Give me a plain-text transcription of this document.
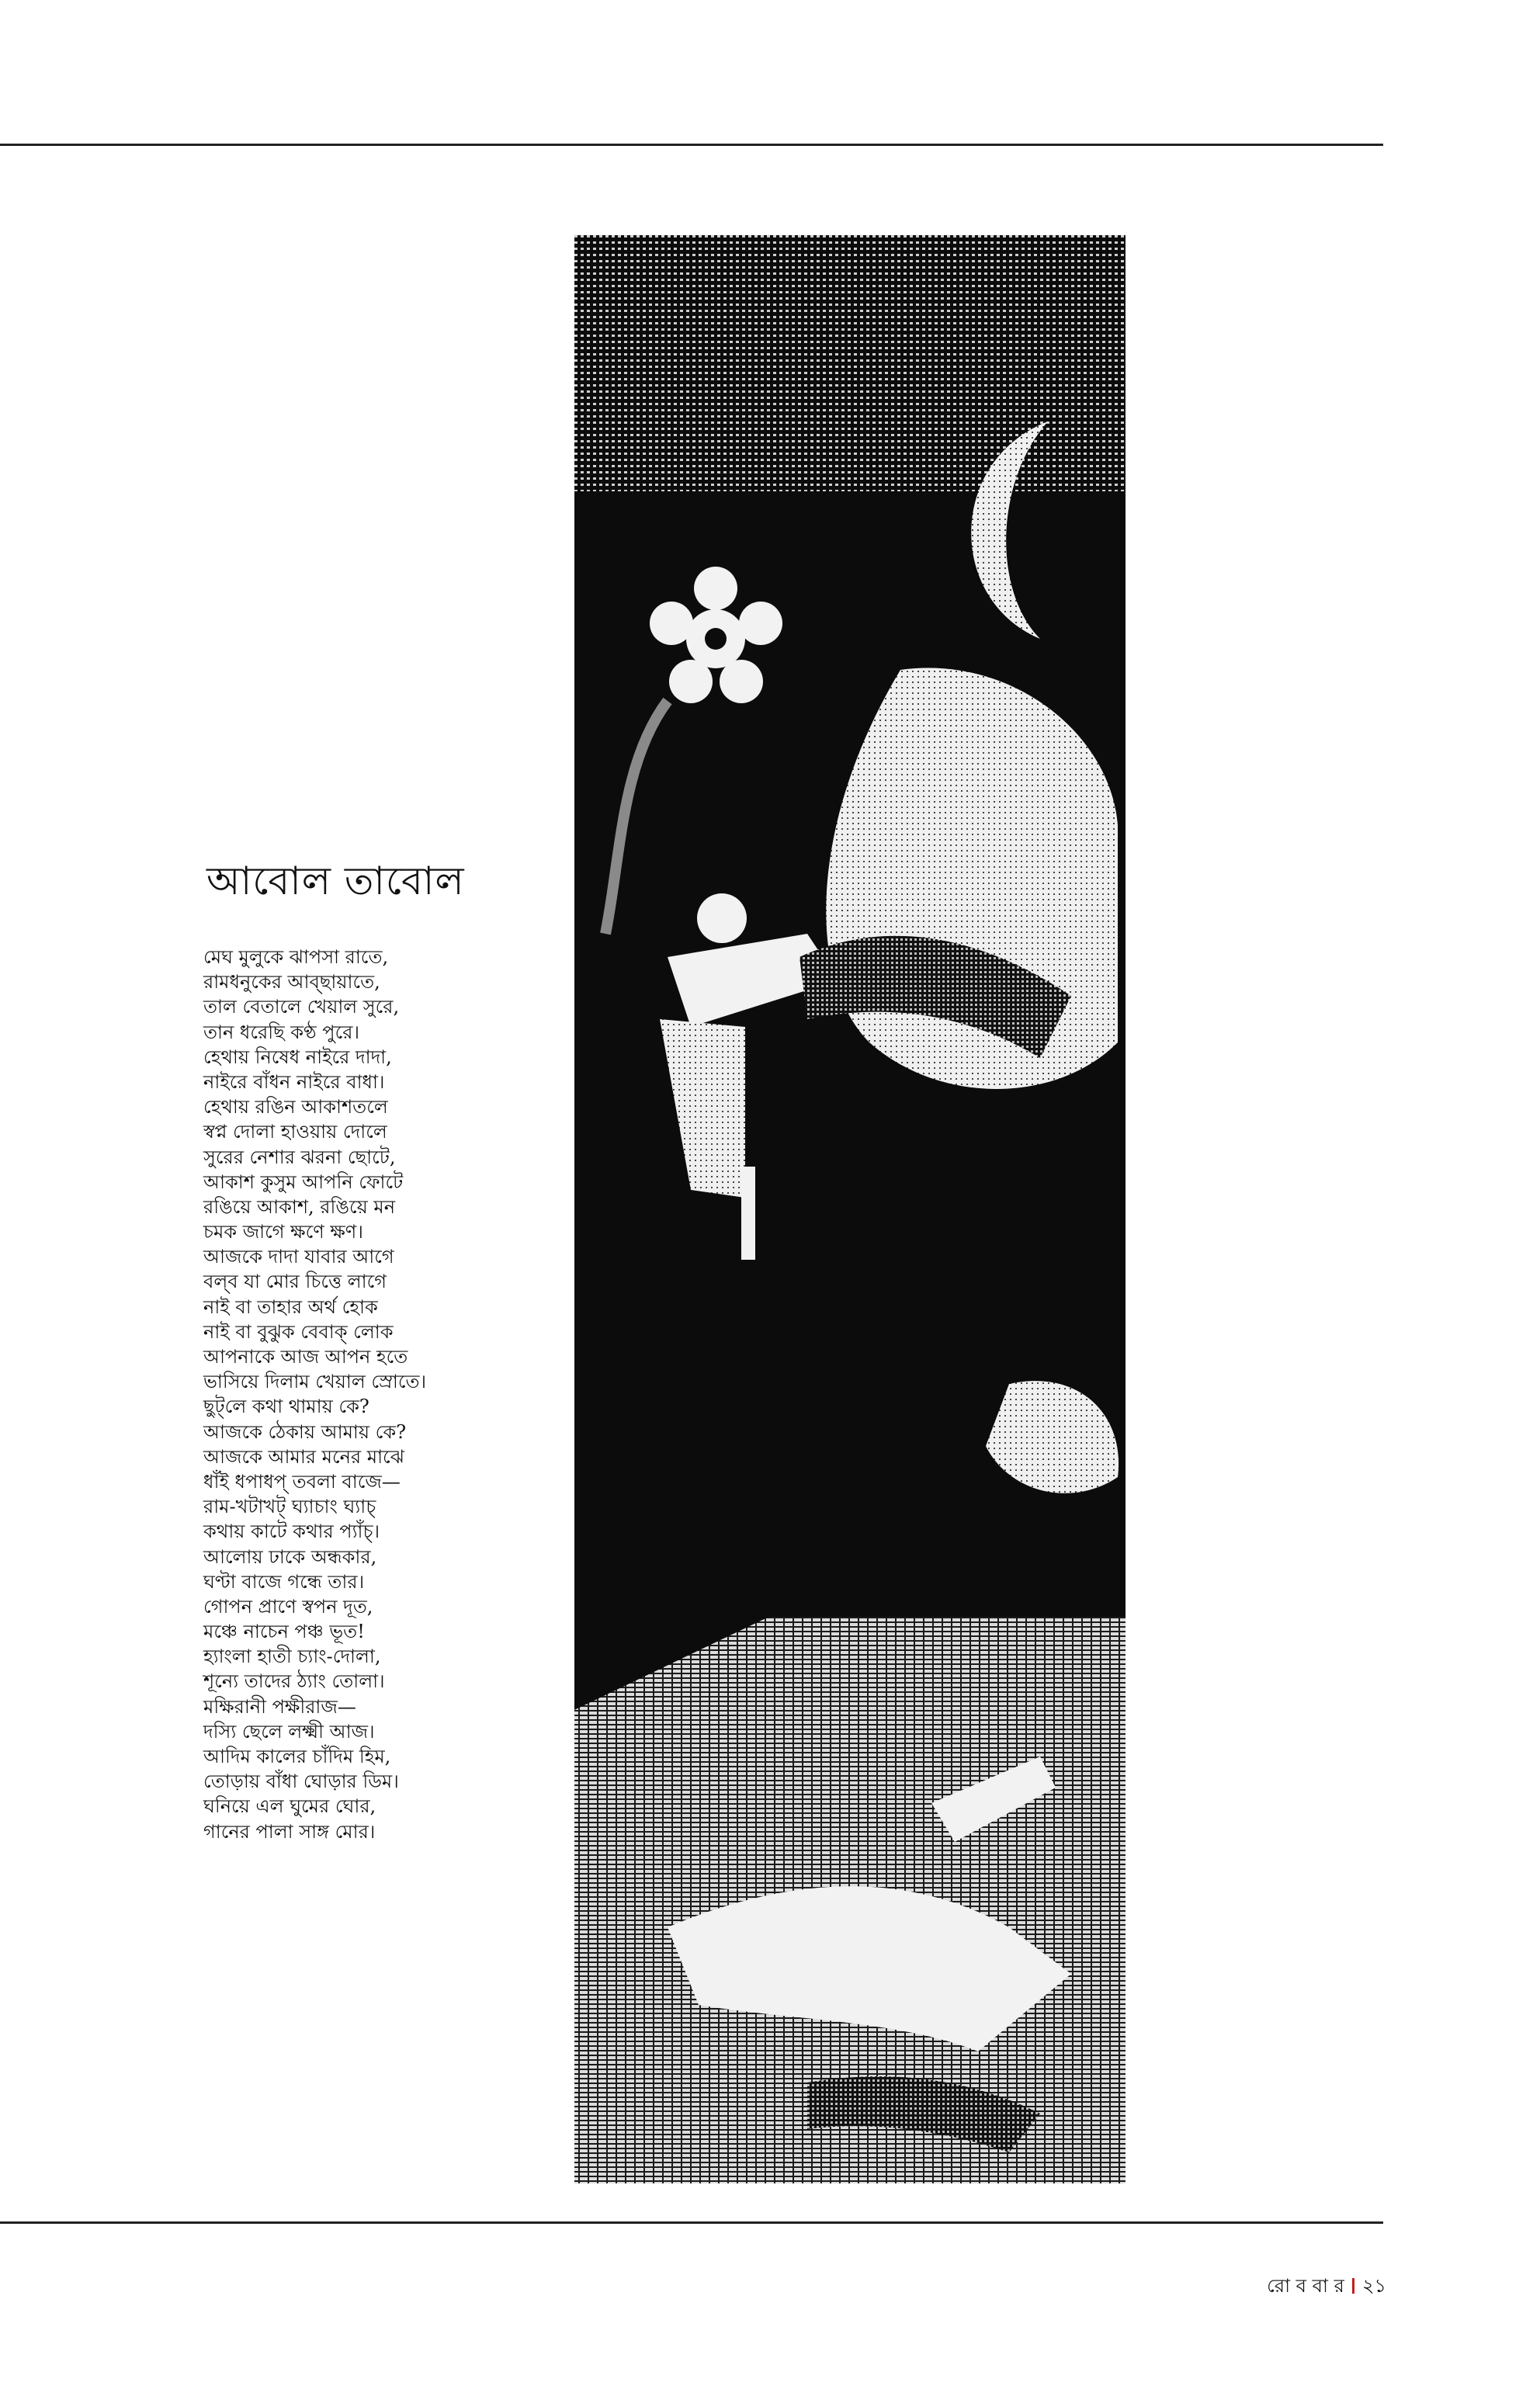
আবোল তাবোল
মেঘ মুলুকে ঝাপসা রাতে,
রামধনুকের আব্‌ছায়াতে,
তাল বেতালে খেয়াল সুরে,
তান ধরেছি কণ্ঠ পুরে।
হেথায় নিষেধ নাইরে দাদা,
নাইরে বাঁধন নাইরে বাধা।
হেথায় রঙিন আকাশতলে
স্বপ্ন দোলা হাওয়ায় দোলে
সুরের নেশার ঝরনা ছোটে,
আকাশ কুসুম আপনি ফোটে
রঙিয়ে আকাশ, রঙিয়ে মন
চমক জাগে ক্ষণে ক্ষণ।
আজকে দাদা যাবার আগে
বল্‌ব যা মোর চিত্তে লাগে
নাই বা তাহার অর্থ হোক
নাই বা বুঝুক বেবাক্‌ লোক
আপনাকে আজ আপন হতে
ভাসিয়ে দিলাম খেয়াল স্রোতে।
ছুট্‌লে কথা থামায় কে?
আজকে ঠেকায় আমায় কে?
আজকে আমার মনের মাঝে
ধাঁই ধপাধপ্‌ তবলা বাজে—
রাম-খটাখট্‌ ঘ্যাচাং ঘ্যাচ্‌
কথায় কাটে কথার প্যাঁচ্‌।
আলোয় ঢাকে অন্ধকার,
ঘণ্টা বাজে গন্ধে তার।
গোপন প্রাণে স্বপন দূত,
মঞ্চে নাচেন পঞ্চ ভূত!
হ্যাংলা হাতী চ্যাং-দোলা,
শূন্যে তাদের ঠ্যাং তোলা।
মক্ষিরানী পক্ষীরাজ—
দস্যি ছেলে লক্ষ্মী আজ।
আদিম কালের চাঁদিম হিম,
তোড়ায় বাঁধা ঘোড়ার ডিম।
ঘনিয়ে এল ঘুমের ঘোর,
গানের পালা সাঙ্গ মোর।
রো ব বা র ২১
